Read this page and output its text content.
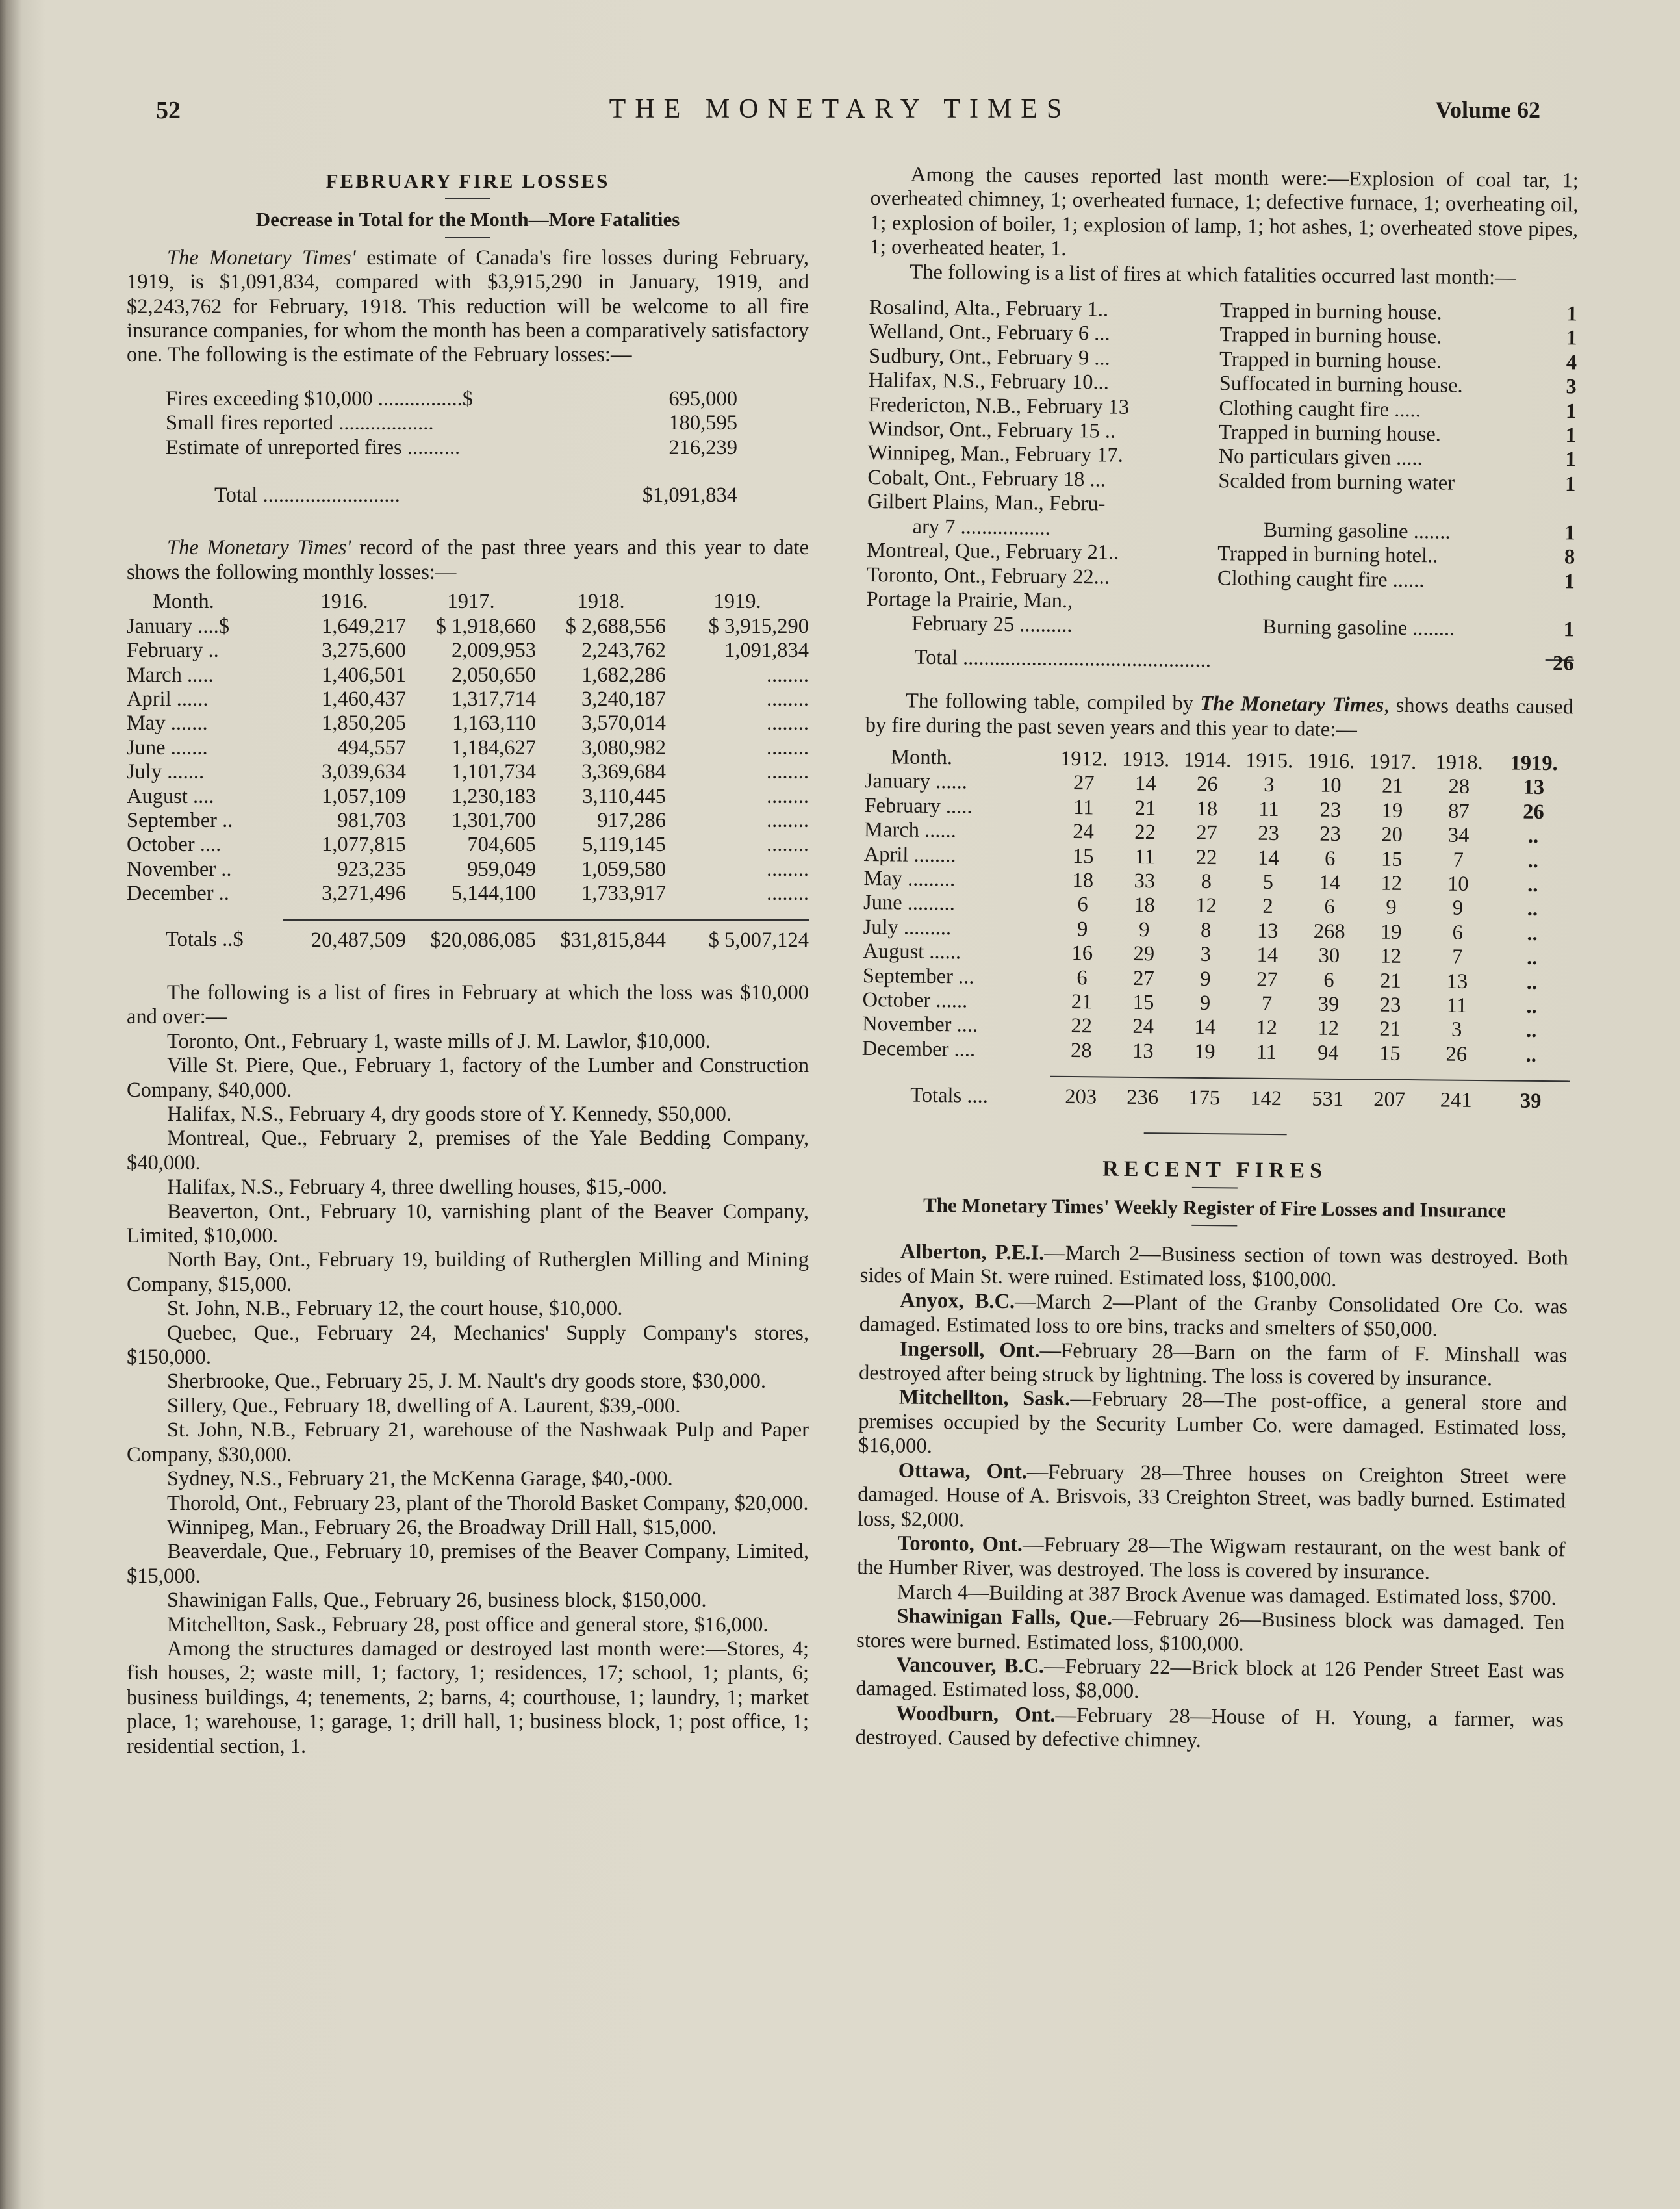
52	THE MONETARY TIMES	Volume 62
FEBRUARY FIRE LOSSES
Decrease in Total for the Month—More Fatalities

The Monetary Times' estimate of Canada's fire losses during February, 1919, is $1,091,834, compared with $3,915,290 in January, 1919, and $2,243,762 for February, 1918. This reduction will be welcome to all fire insurance companies, for whom the month has been a comparatively satisfactory one. The following is the estimate of the February losses:—

Fires exceeding $10,000 ................$	695,000
Small fires reported ..................	180,595
Estimate of unreported fires ..........	216,239
Total ..........................	$1,091,834

The Monetary Times' record of the past three years and this year to date shows the following monthly losses:—

Month.	1916.	1917.	1918.	1919.
January ....$	1,649,217	$ 1,918,660	$ 2,688,556	$ 3,915,290
February ..	3,275,600	2,009,953	2,243,762	1,091,834
March .....	1,406,501	2,050,650	1,682,286	........
April ......	1,460,437	1,317,714	3,240,187	........
May .......	1,850,205	1,163,110	3,570,014	........
June .......	494,557	1,184,627	3,080,982	........
July .......	3,039,634	1,101,734	3,369,684	........
August ....	1,057,109	1,230,183	3,110,445	........
September ..	981,703	1,301,700	917,286	........
October ....	1,077,815	704,605	5,119,145	........
November ..	923,235	959,049	1,059,580	........
December ..	3,271,496	5,144,100	1,733,917	........

Totals ..$	20,487,509	$20,086,085	$31,815,844	$ 5,007,124

The following is a list of fires in February at which the loss was $10,000 and over:—

Toronto, Ont., February 1, waste mills of J. M. Lawlor, $10,000.

Ville St. Piere, Que., February 1, factory of the Lumber and Construction Company, $40,000.

Halifax, N.S., February 4, dry goods store of Y. Kennedy, $50,000.

Montreal, Que., February 2, premises of the Yale Bedding Company, $40,000.

Halifax, N.S., February 4, three dwelling houses, $15,-000.

Beaverton, Ont., February 10, varnishing plant of the Beaver Company, Limited, $10,000.

North Bay, Ont., February 19, building of Rutherglen Milling and Mining Company, $15,000.

St. John, N.B., February 12, the court house, $10,000.

Quebec, Que., February 24, Mechanics' Supply Company's stores, $150,000.

Sherbrooke, Que., February 25, J. M. Nault's dry goods store, $30,000.

Sillery, Que., February 18, dwelling of A. Laurent, $39,-000.

St. John, N.B., February 21, warehouse of the Nashwaak Pulp and Paper Company, $30,000.

Sydney, N.S., February 21, the McKenna Garage, $40,-000.

Thorold, Ont., February 23, plant of the Thorold Basket Company, $20,000.

Winnipeg, Man., February 26, the Broadway Drill Hall, $15,000.

Beaverdale, Que., February 10, premises of the Beaver Company, Limited, $15,000.

Shawinigan Falls, Que., February 26, business block, $150,000.

Mitchellton, Sask., February 28, post office and general store, $16,000.

Among the structures damaged or destroyed last month were:—Stores, 4; fish houses, 2; waste mill, 1; factory, 1; residences, 17; school, 1; plants, 6; business buildings, 4; tenements, 2; barns, 4; courthouse, 1; laundry, 1; market place, 1; warehouse, 1; garage, 1; drill hall, 1; business block, 1; post office, 1; residential section, 1.

Among the causes reported last month were:—Explosion of coal tar, 1; overheated chimney, 1; overheated furnace, 1; defective furnace, 1; overheating oil, 1; explosion of boiler, 1; explosion of lamp, 1; hot ashes, 1; overheated stove pipes, 1; overheated heater, 1.

The following is a list of fires at which fatalities occurred last month:—

Rosalind, Alta., February 1..	Trapped in burning house.	1
Welland, Ont., February 6 ...	Trapped in burning house.	1
Sudbury, Ont., February 9 ...	Trapped in burning house.	4
Halifax, N.S., February 10...	Suffocated in burning house.	3
Fredericton, N.B., February 13	Clothing caught fire .....	1
Windsor, Ont., February 15 ..	Trapped in burning house.	1
Winnipeg, Man., February 17.	No particulars given .....	1
Cobalt, Ont., February 18 ...	Scalded from burning water	1
Gilbert Plains, Man., Febru-
ary 7 .................	Burning gasoline .......	1
Montreal, Que., February 21..	Trapped in burning hotel..	8
Toronto, Ont., February 22...	Clothing caught fire ......	1
Portage la Prairie, Man.,
February 25 ..........	Burning gasoline ........	1
Total ...............................................	26

The following table, compiled by The Monetary Times, shows deaths caused by fire during the past seven years and this year to date:—

Month.	1912.	1913.	1914.	1915.	1916.	1917.	1918.	1919.
January ......	27	14	26	3	10	21	28	13
February .....	11	21	18	11	23	19	87	26
March ......	24	22	27	23	23	20	34	..
April ........	15	11	22	14	6	15	7	..
May .........	18	33	8	5	14	12	10	..
June .........	6	18	12	2	6	9	9	..
July .........	9	9	8	13	268	19	6	..
August ......	16	29	3	14	30	12	7	..
September ...	6	27	9	27	6	21	13	..
October ......	21	15	9	7	39	23	11	..
November ....	22	24	14	12	12	21	3	..
December ....	28	13	19	11	94	15	26	..

Totals ....	203	236	175	142	531	207	241	39
RECENT FIRES
The Monetary Times' Weekly Register of Fire Losses and Insurance

Alberton, P.E.I.—March 2—Business section of town was destroyed. Both sides of Main St. were ruined. Estimated loss, $100,000.

Anyox, B.C.—March 2—Plant of the Granby Consolidated Ore Co. was damaged. Estimated loss to ore bins, tracks and smelters of $50,000.

Ingersoll, Ont.—February 28—Barn on the farm of F. Minshall was destroyed after being struck by lightning. The loss is covered by insurance.

Mitchellton, Sask.—February 28—The post-office, a general store and premises occupied by the Security Lumber Co. were damaged. Estimated loss, $16,000.

Ottawa, Ont.—February 28—Three houses on Creighton Street were damaged. House of A. Brisvois, 33 Creighton Street, was badly burned. Estimated loss, $2,000.

Toronto, Ont.—February 28—The Wigwam restaurant, on the west bank of the Humber River, was destroyed. The loss is covered by insurance.

March 4—Building at 387 Brock Avenue was damaged. Estimated loss, $700.

Shawinigan Falls, Que.—February 26—Business block was damaged. Ten stores were burned. Estimated loss, $100,000.

Vancouver, B.C.—February 22—Brick block at 126 Pender Street East was damaged. Estimated loss, $8,000.

Woodburn, Ont.—February 28—House of H. Young, a farmer, was destroyed. Caused by defective chimney.
